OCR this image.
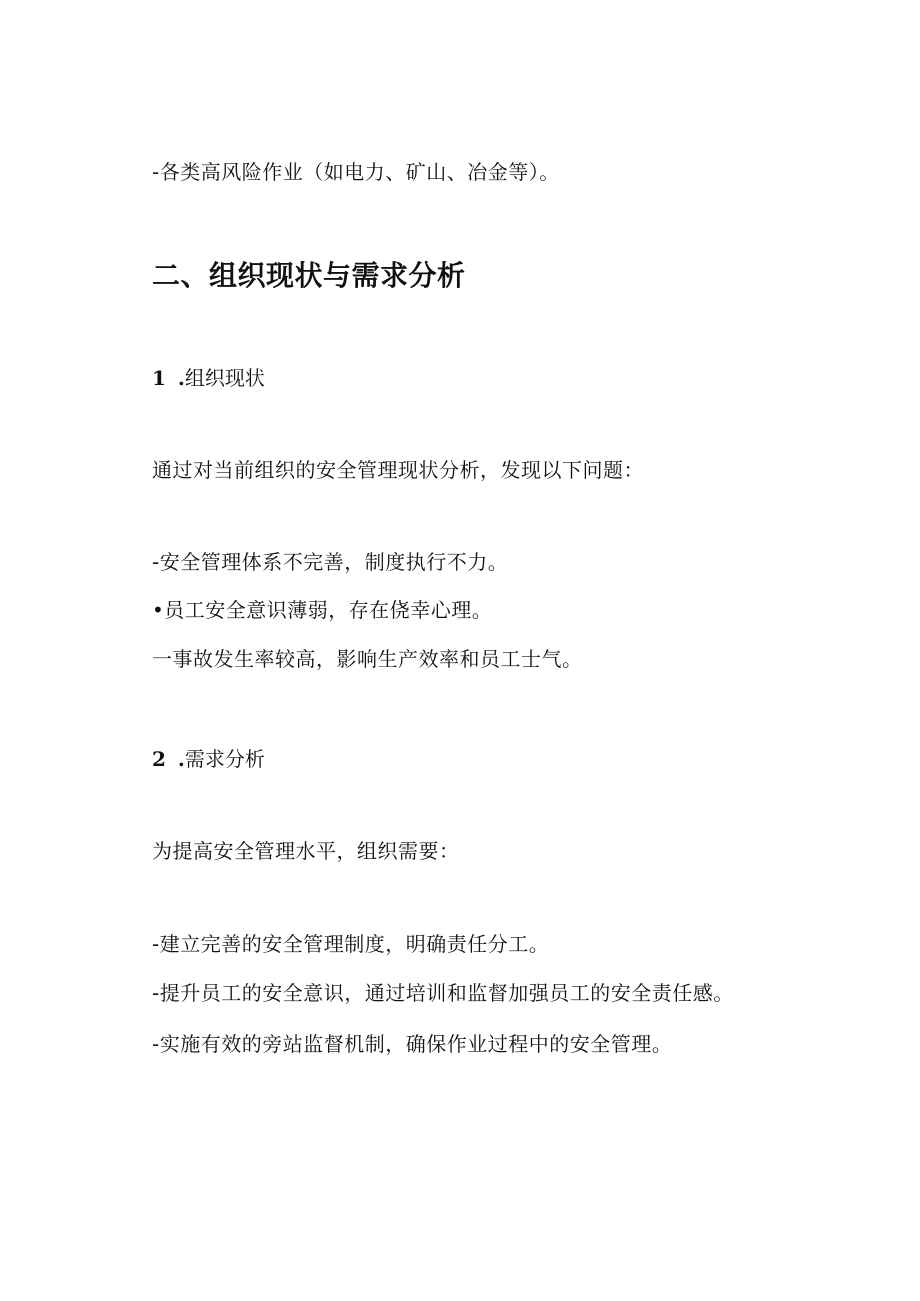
-各类高风险作业（如电力、矿山、冶金等）。
二、组织现状与需求分析
1 .组织现状
通过对当前组织的安全管理现状分析，发现以下问题：
-安全管理体系不完善，制度执行不力。
•员工安全意识薄弱，存在侥幸心理。
一事故发生率较高，影响生产效率和员工士气。
2 .需求分析
为提高安全管理水平，组织需要：
-建立完善的安全管理制度，明确责任分工。
-提升员工的安全意识，通过培训和监督加强员工的安全责任感。
-实施有效的旁站监督机制，确保作业过程中的安全管理。
